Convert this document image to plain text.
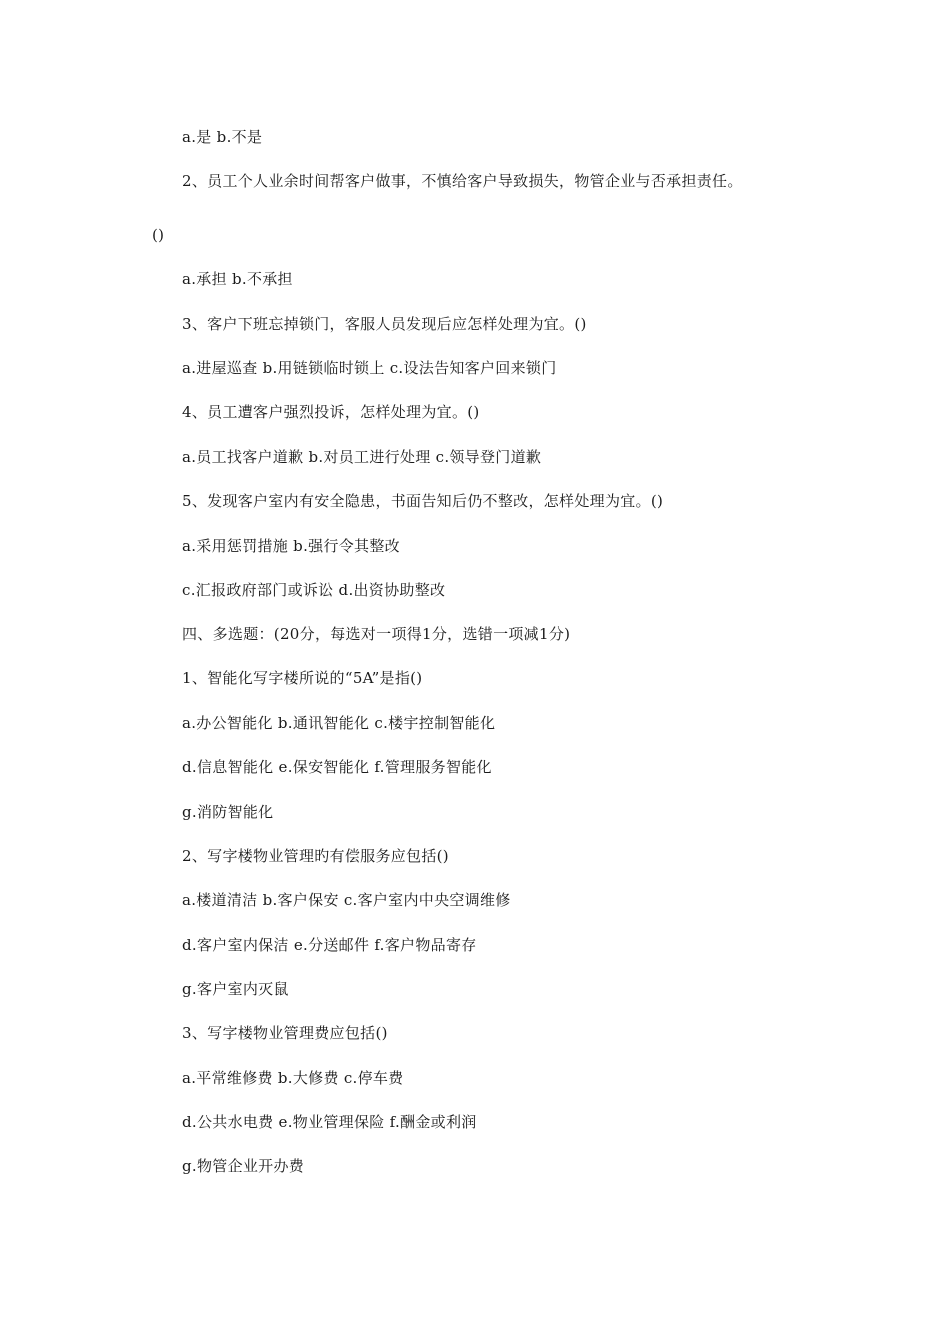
a.是 b.不是
2、员工个人业余时间帮客户做事，不慎给客户导致损失，物管企业与否承担责任。
()
a.承担 b.不承担
3、客户下班忘掉锁门，客服人员发现后应怎样处理为宜。()
a.进屋巡查 b.用链锁临时锁上 c.设法告知客户回来锁门
4、员工遭客户强烈投诉，怎样处理为宜。()
a.员工找客户道歉 b.对员工进行处理 c.领导登门道歉
5、发现客户室内有安全隐患，书面告知后仍不整改，怎样处理为宜。()
a.采用惩罚措施 b.强行令其整改
c.汇报政府部门或诉讼 d.出资协助整改
四、多选题：(20分，每选对一项得1分，选错一项减1分)
1、智能化写字楼所说的“5A”是指()
a.办公智能化 b.通讯智能化 c.楼宇控制智能化
d.信息智能化 e.保安智能化 f.管理服务智能化
g.消防智能化
2、写字楼物业管理旳有偿服务应包括()
a.楼道清洁 b.客户保安 c.客户室内中央空调维修
d.客户室内保洁 e.分送邮件 f.客户物品寄存
g.客户室内灭鼠
3、写字楼物业管理费应包括()
a.平常维修费 b.大修费 c.停车费
d.公共水电费 e.物业管理保险 f.酬金或利润
g.物管企业开办费
